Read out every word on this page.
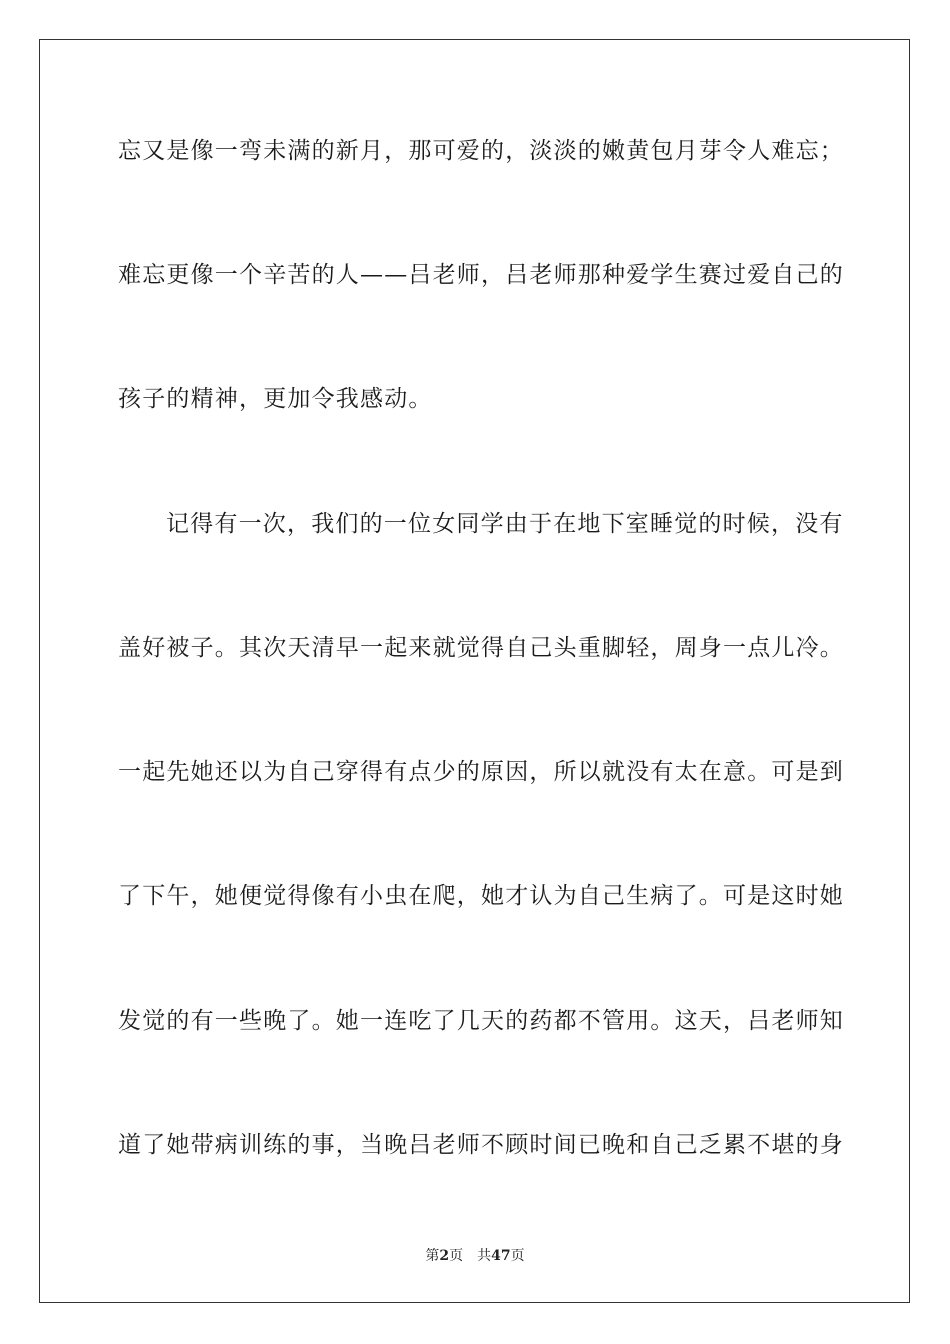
忘又是像一弯未满的新月，那可爱的，淡淡的嫩黄包月芽令人难忘；
难忘更像一个辛苦的人——吕老师，吕老师那种爱学生赛过爱自己的
孩子的精神，更加令我感动。
记得有一次，我们的一位女同学由于在地下室睡觉的时候，没有
盖好被子。其次天清早一起来就觉得自己头重脚轻，周身一点儿冷。
一起先她还以为自己穿得有点少的原因，所以就没有太在意。可是到
了下午，她便觉得像有小虫在爬，她才认为自己生病了。可是这时她
发觉的有一些晚了。她一连吃了几天的药都不管用。这天，吕老师知
道了她带病训练的事，当晚吕老师不顾时间已晚和自己乏累不堪的身
第2页 共47页
